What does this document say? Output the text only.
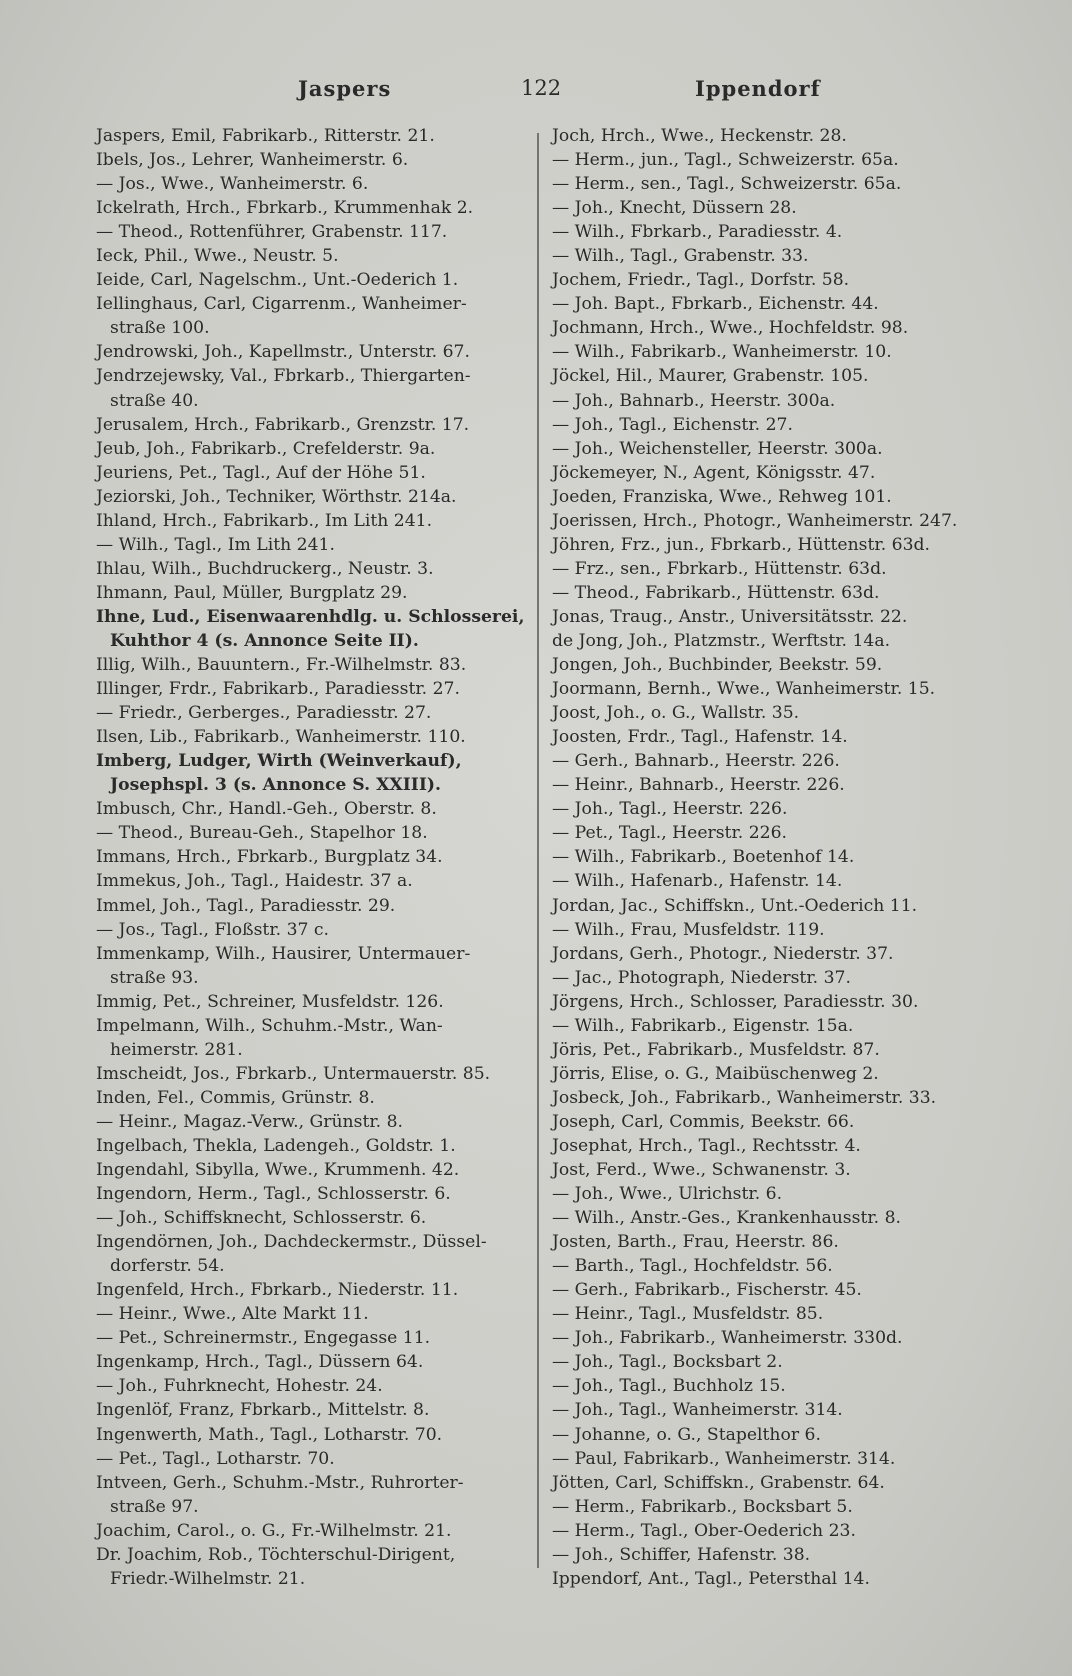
Jaspers	122	Ippendorf
Jaspers, Emil, Fabrikarb., Ritterstr. 21.
Ibels, Jos., Lehrer, Wanheimerstr. 6.
— Jos., Wwe., Wanheimerstr. 6.
Ickelrath, Hrch., Fbrkarb., Krummenhak 2.
— Theod., Rottenführer, Grabenstr. 117.
Ieck, Phil., Wwe., Neustr. 5.
Ieide, Carl, Nagelschm., Unt.-Oederich 1.
Iellinghaus, Carl, Cigarrenm., Wanheimer-
straße 100.
Jendrowski, Joh., Kapellmstr., Unterstr. 67.
Jendrzejewsky, Val., Fbrkarb., Thiergarten-
straße 40.
Jerusalem, Hrch., Fabrikarb., Grenzstr. 17.
Jeub, Joh., Fabrikarb., Crefelderstr. 9a.
Jeuriens, Pet., Tagl., Auf der Höhe 51.
Jeziorski, Joh., Techniker, Wörthstr. 214a.
Ihland, Hrch., Fabrikarb., Im Lith 241.
— Wilh., Tagl., Im Lith 241.
Ihlau, Wilh., Buchdruckerg., Neustr. 3.
Ihmann, Paul, Müller, Burgplatz 29.
Ihne, Lud., Eisenwaarenhdlg. u. Schlosserei,
Kuhthor 4 (s. Annonce Seite II).
Illig, Wilh., Bauuntern., Fr.-Wilhelmstr. 83.
Illinger, Frdr., Fabrikarb., Paradiesstr. 27.
— Friedr., Gerberges., Paradiesstr. 27.
Ilsen, Lib., Fabrikarb., Wanheimerstr. 110.
Imberg, Ludger, Wirth (Weinverkauf),
Josephspl. 3 (s. Annonce S. XXIII).
Imbusch, Chr., Handl.-Geh., Oberstr. 8.
— Theod., Bureau-Geh., Stapelhor 18.
Immans, Hrch., Fbrkarb., Burgplatz 34.
Immekus, Joh., Tagl., Haidestr. 37 a.
Immel, Joh., Tagl., Paradiesstr. 29.
— Jos., Tagl., Floßstr. 37 c.
Immenkamp, Wilh., Hausirer, Untermauer-
straße 93.
Immig, Pet., Schreiner, Musfeldstr. 126.
Impelmann, Wilh., Schuhm.-Mstr., Wan-
heimerstr. 281.
Imscheidt, Jos., Fbrkarb., Untermauerstr. 85.
Inden, Fel., Commis, Grünstr. 8.
— Heinr., Magaz.-Verw., Grünstr. 8.
Ingelbach, Thekla, Ladengeh., Goldstr. 1.
Ingendahl, Sibylla, Wwe., Krummenh. 42.
Ingendorn, Herm., Tagl., Schlosserstr. 6.
— Joh., Schiffsknecht, Schlosserstr. 6.
Ingendörnen, Joh., Dachdeckermstr., Düssel-
dorferstr. 54.
Ingenfeld, Hrch., Fbrkarb., Niederstr. 11.
— Heinr., Wwe., Alte Markt 11.
— Pet., Schreinermstr., Engegasse 11.
Ingenkamp, Hrch., Tagl., Düssern 64.
— Joh., Fuhrknecht, Hohestr. 24.
Ingenlöf, Franz, Fbrkarb., Mittelstr. 8.
Ingenwerth, Math., Tagl., Lotharstr. 70.
— Pet., Tagl., Lotharstr. 70.
Intveen, Gerh., Schuhm.-Mstr., Ruhrorter-
straße 97.
Joachim, Carol., o. G., Fr.-Wilhelmstr. 21.
Dr. Joachim, Rob., Töchterschul-Dirigent,
Friedr.-Wilhelmstr. 21.
Joch, Hrch., Wwe., Heckenstr. 28.
— Herm., jun., Tagl., Schweizerstr. 65a.
— Herm., sen., Tagl., Schweizerstr. 65a.
— Joh., Knecht, Düssern 28.
— Wilh., Fbrkarb., Paradiesstr. 4.
— Wilh., Tagl., Grabenstr. 33.
Jochem, Friedr., Tagl., Dorfstr. 58.
— Joh. Bapt., Fbrkarb., Eichenstr. 44.
Jochmann, Hrch., Wwe., Hochfeldstr. 98.
— Wilh., Fabrikarb., Wanheimerstr. 10.
Jöckel, Hil., Maurer, Grabenstr. 105.
— Joh., Bahnarb., Heerstr. 300a.
— Joh., Tagl., Eichenstr. 27.
— Joh., Weichensteller, Heerstr. 300a.
Jöckemeyer, N., Agent, Königsstr. 47.
Joeden, Franziska, Wwe., Rehweg 101.
Joerissen, Hrch., Photogr., Wanheimerstr. 247.
Jöhren, Frz., jun., Fbrkarb., Hüttenstr. 63d.
— Frz., sen., Fbrkarb., Hüttenstr. 63d.
— Theod., Fabrikarb., Hüttenstr. 63d.
Jonas, Traug., Anstr., Universitätsstr. 22.
de Jong, Joh., Platzmstr., Werftstr. 14a.
Jongen, Joh., Buchbinder, Beekstr. 59.
Joormann, Bernh., Wwe., Wanheimerstr. 15.
Joost, Joh., o. G., Wallstr. 35.
Joosten, Frdr., Tagl., Hafenstr. 14.
— Gerh., Bahnarb., Heerstr. 226.
— Heinr., Bahnarb., Heerstr. 226.
— Joh., Tagl., Heerstr. 226.
— Pet., Tagl., Heerstr. 226.
— Wilh., Fabrikarb., Boetenhof 14.
— Wilh., Hafenarb., Hafenstr. 14.
Jordan, Jac., Schiffskn., Unt.-Oederich 11.
— Wilh., Frau, Musfeldstr. 119.
Jordans, Gerh., Photogr., Niederstr. 37.
— Jac., Photograph, Niederstr. 37.
Jörgens, Hrch., Schlosser, Paradiesstr. 30.
— Wilh., Fabrikarb., Eigenstr. 15a.
Jöris, Pet., Fabrikarb., Musfeldstr. 87.
Jörris, Elise, o. G., Maibüschenweg 2.
Josbeck, Joh., Fabrikarb., Wanheimerstr. 33.
Joseph, Carl, Commis, Beekstr. 66.
Josephat, Hrch., Tagl., Rechtsstr. 4.
Jost, Ferd., Wwe., Schwanenstr. 3.
— Joh., Wwe., Ulrichstr. 6.
— Wilh., Anstr.-Ges., Krankenhausstr. 8.
Josten, Barth., Frau, Heerstr. 86.
— Barth., Tagl., Hochfeldstr. 56.
— Gerh., Fabrikarb., Fischerstr. 45.
— Heinr., Tagl., Musfeldstr. 85.
— Joh., Fabrikarb., Wanheimerstr. 330d.
— Joh., Tagl., Bocksbart 2.
— Joh., Tagl., Buchholz 15.
— Joh., Tagl., Wanheimerstr. 314.
— Johanne, o. G., Stapelthor 6.
— Paul, Fabrikarb., Wanheimerstr. 314.
Jötten, Carl, Schiffskn., Grabenstr. 64.
— Herm., Fabrikarb., Bocksbart 5.
— Herm., Tagl., Ober-Oederich 23.
— Joh., Schiffer, Hafenstr. 38.
Ippendorf, Ant., Tagl., Petersthal 14.
